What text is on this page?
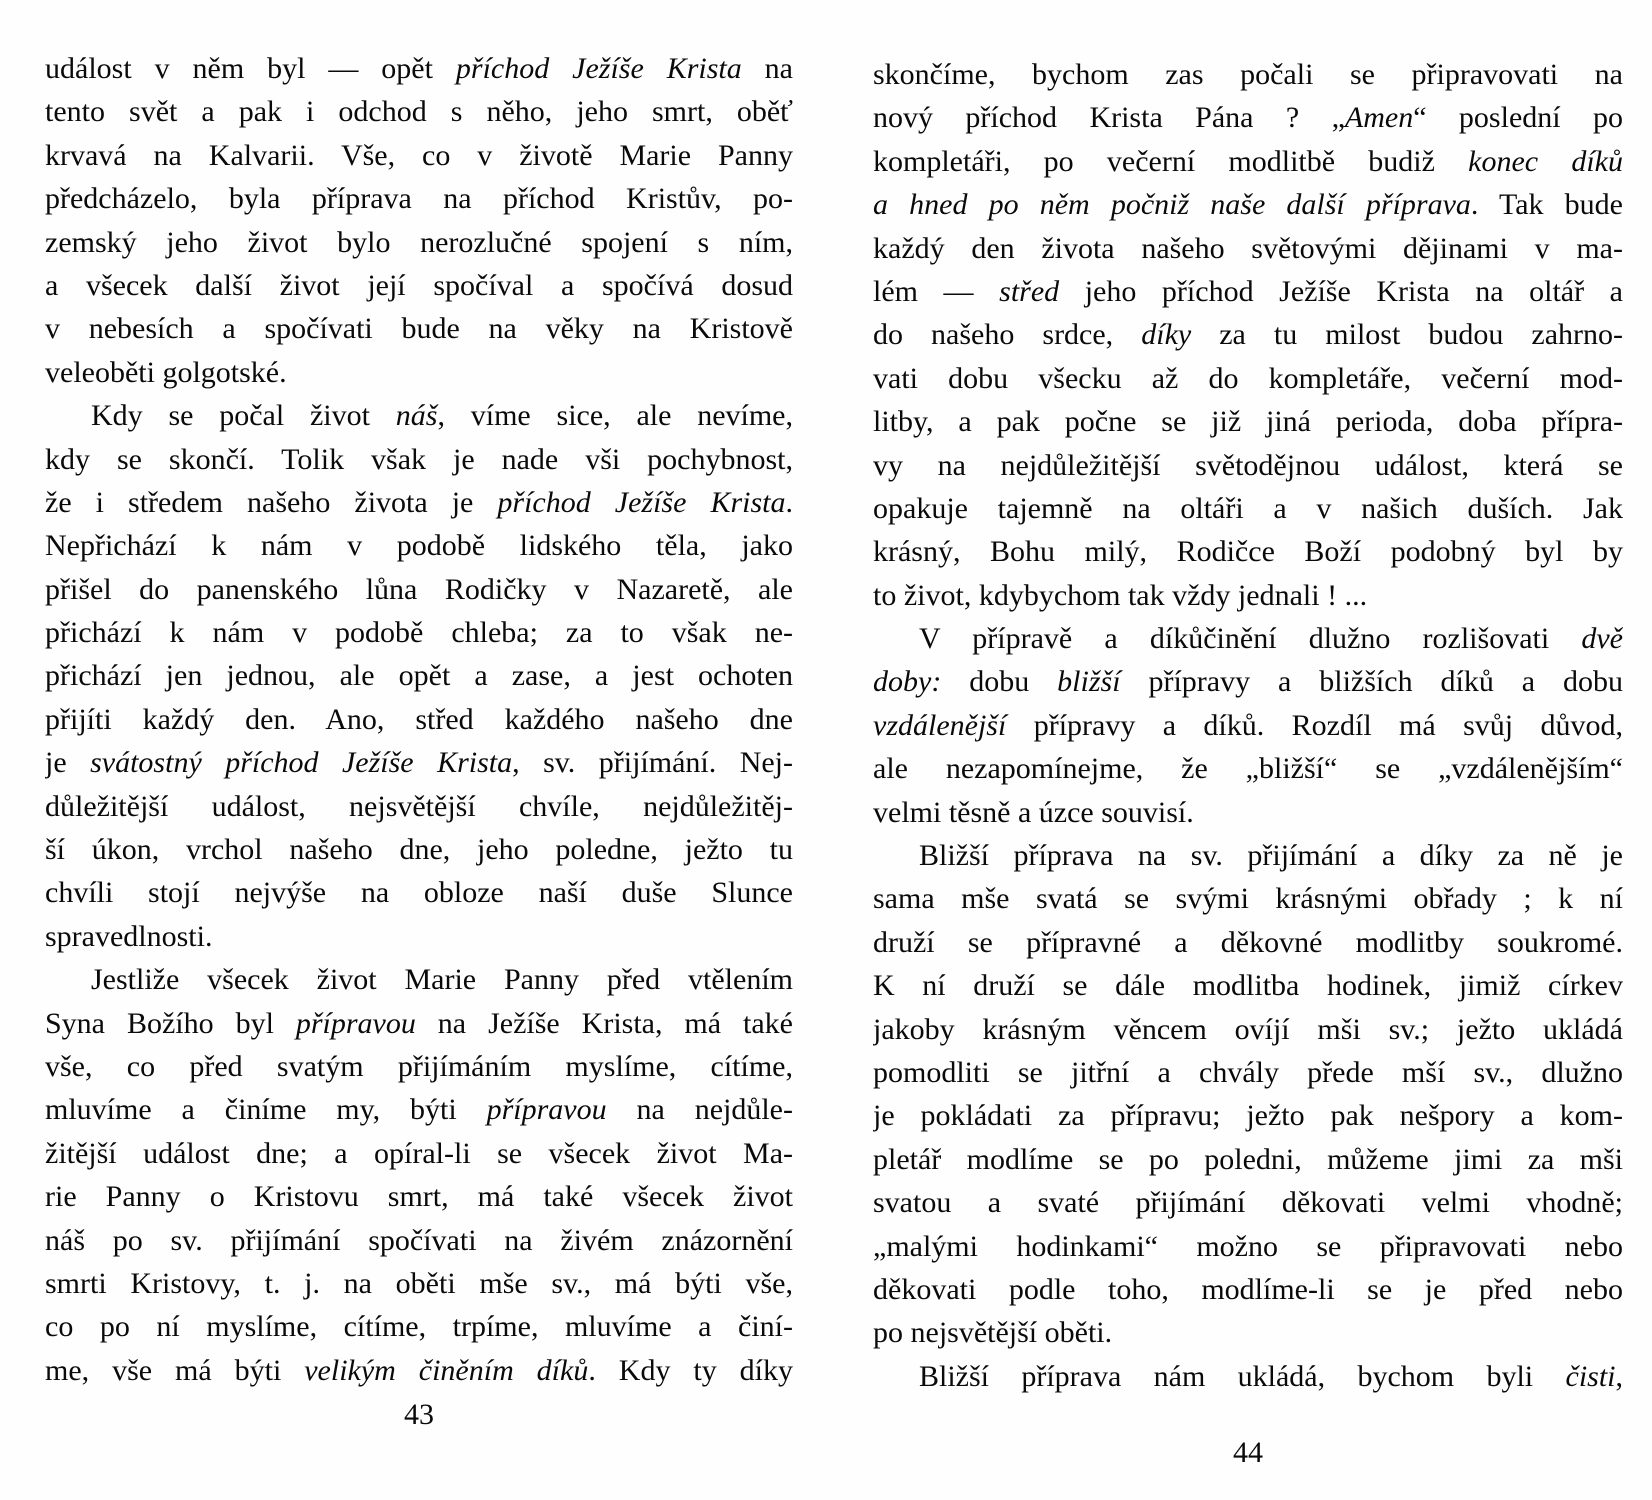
událost v něm byl — opět příchod Ježíše Krista na
tento svět a pak i odchod s něho, jeho smrt, oběť
krvavá na Kalvarii. Vše, co v životě Marie Panny
předcházelo, byla příprava na příchod Kristův, po-
zemský jeho život bylo nerozlučné spojení s ním,
a všecek další život její spočíval a spočívá dosud
v nebesích a spočívati bude na věky na Kristově
veleoběti golgotské.
Kdy se počal život náš, víme sice, ale nevíme,
kdy se skončí. Tolik však je nade vši pochybnost,
že i středem našeho života je příchod Ježíše Krista.
Nepřichází k nám v podobě lidského těla, jako
přišel do panenského lůna Rodičky v Nazaretě, ale
přichází k nám v podobě chleba; za to však ne-
přichází jen jednou, ale opět a zase, a jest ochoten
přijíti každý den. Ano, střed každého našeho dne
je svátostný příchod Ježíše Krista, sv. přijímání. Nej-
důležitější událost, nejsvětější chvíle, nejdůležitěj-
ší úkon, vrchol našeho dne, jeho poledne, ježto tu
chvíli stojí nejvýše na obloze naší duše Slunce
spravedlnosti.
Jestliže všecek život Marie Panny před vtělením
Syna Božího byl přípravou na Ježíše Krista, má také
vše, co před svatým přijímáním myslíme, cítíme,
mluvíme a činíme my, býti přípravou na nejdůle-
žitější událost dne; a opíral-li se všecek život Ma-
rie Panny o Kristovu smrt, má také všecek život
náš po sv. přijímání spočívati na živém znázornění
smrti Kristovy, t. j. na oběti mše sv., má býti vše,
co po ní myslíme, cítíme, trpíme, mluvíme a činí-
me, vše má býti velikým činěním díků. Kdy ty díky
skončíme, bychom zas počali se připravovati na
nový příchod Krista Pána ? „Amen“ poslední po
kompletáři, po večerní modlitbě budiž konec díků
a hned po něm počniž naše další příprava. Tak bude
každý den života našeho světovými dějinami v ma-
lém — střed jeho příchod Ježíše Krista na oltář a
do našeho srdce, díky za tu milost budou zahrno-
vati dobu všecku až do kompletáře, večerní mod-
litby, a pak počne se již jiná perioda, doba přípra-
vy na nejdůležitější světodějnou událost, která se
opakuje tajemně na oltáři a v našich duších. Jak
krásný, Bohu milý, Rodičce Boží podobný byl by
to život, kdybychom tak vždy jednali ! ...
V přípravě a díkůčinění dlužno rozlišovati dvě
doby: dobu bližší přípravy a bližších díků a dobu
vzdálenější přípravy a díků. Rozdíl má svůj důvod,
ale nezapomínejme, že „bližší“ se „vzdálenějším“
velmi těsně a úzce souvisí.
Bližší příprava na sv. přijímání a díky za ně je
sama mše svatá se svými krásnými obřady ; k ní
druží se přípravné a děkovné modlitby soukromé.
K ní druží se dále modlitba hodinek, jimiž církev
jakoby krásným věncem ovíjí mši sv.; ježto ukládá
pomodliti se jitřní a chvály přede mší sv., dlužno
je pokládati za přípravu; ježto pak nešpory a kom-
pletář modlíme se po poledni, můžeme jimi za mši
svatou a svaté přijímání děkovati velmi vhodně;
„malými hodinkami“ možno se připravovati nebo
děkovati podle toho, modlíme-li se je před nebo
po nejsvětější oběti.
Bližší příprava nám ukládá, bychom byli čisti,
43
44
